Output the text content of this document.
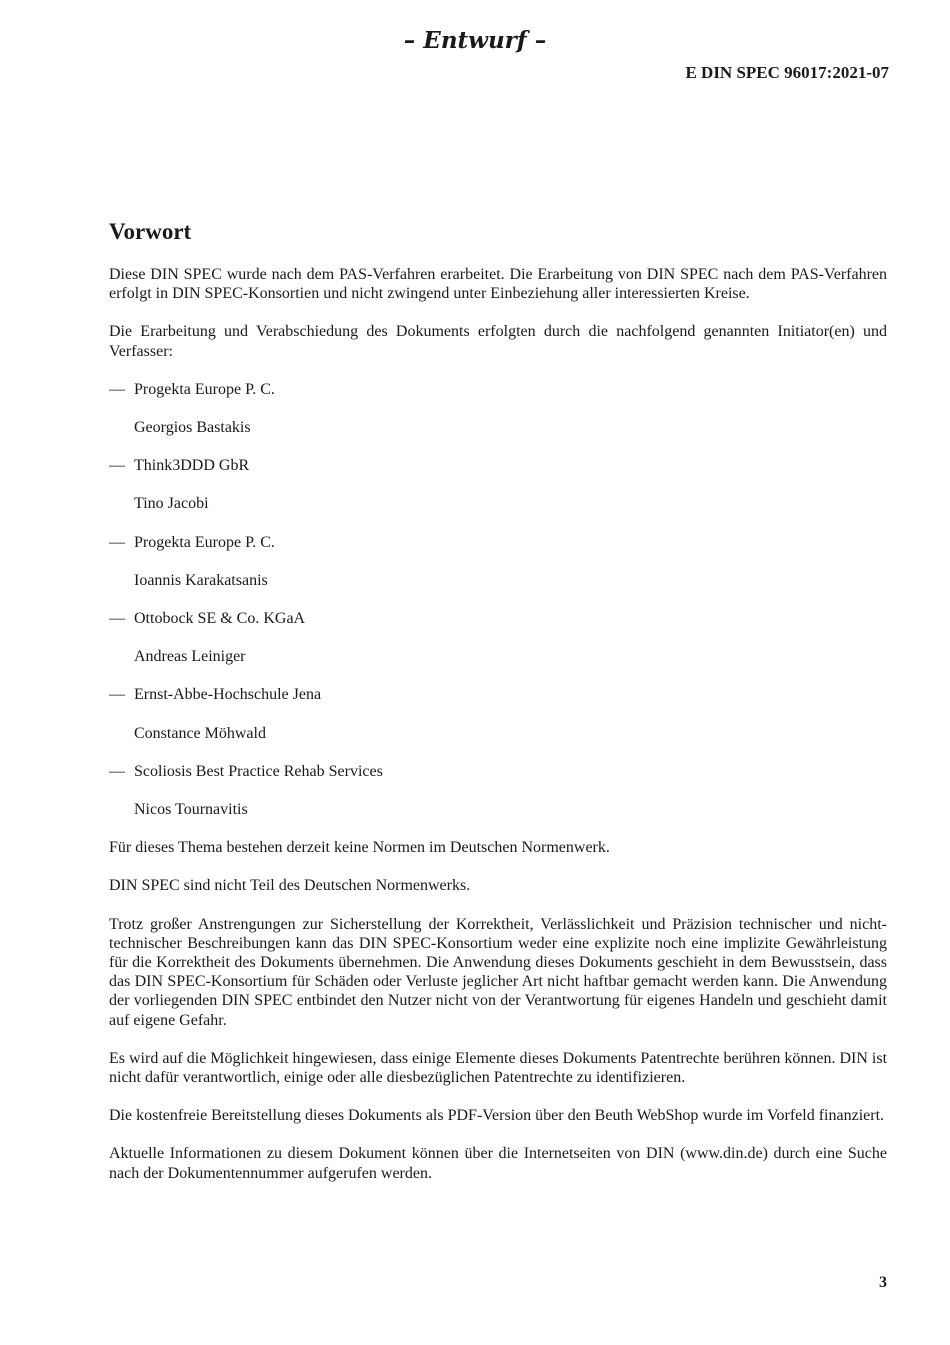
– Entwurf –
E DIN SPEC 96017:2021-07
Vorwort

Diese DIN SPEC wurde nach dem PAS-Verfahren erarbeitet. Die Erarbeitung von DIN SPEC nach dem PAS-Verfahren erfolgt in DIN SPEC-Konsortien und nicht zwingend unter Einbeziehung aller interessierten Kreise.

Die Erarbeitung und Verabschiedung des Dokuments erfolgten durch die nachfolgend genannten Initiator(en) und Verfasser:

— Progekta Europe P. C.
Georgios Bastakis
— Think3DDD GbR
Tino Jacobi
— Progekta Europe P. C.
Ioannis Karakatsanis
— Ottobock SE & Co. KGaA
Andreas Leiniger
— Ernst-Abbe-Hochschule Jena
Constance Möhwald
— Scoliosis Best Practice Rehab Services
Nicos Tournavitis

Für dieses Thema bestehen derzeit keine Normen im Deutschen Normenwerk.

DIN SPEC sind nicht Teil des Deutschen Normenwerks.

Trotz großer Anstrengungen zur Sicherstellung der Korrektheit, Verlässlichkeit und Präzision technischer und nicht-technischer Beschreibungen kann das DIN SPEC-Konsortium weder eine explizite noch eine implizite Gewährleistung für die Korrektheit des Dokuments übernehmen. Die Anwendung dieses Dokuments geschieht in dem Bewusstsein, dass das DIN SPEC-Konsortium für Schäden oder Verluste jeglicher Art nicht haftbar gemacht werden kann. Die Anwendung der vorliegenden DIN SPEC entbindet den Nutzer nicht von der Verantwortung für eigenes Handeln und geschieht damit auf eigene Gefahr.

Es wird auf die Möglichkeit hingewiesen, dass einige Elemente dieses Dokuments Patentrechte berühren können. DIN ist nicht dafür verantwortlich, einige oder alle diesbezüglichen Patentrechte zu identifizieren.

Die kostenfreie Bereitstellung dieses Dokuments als PDF-Version über den Beuth WebShop wurde im Vorfeld finanziert.

Aktuelle Informationen zu diesem Dokument können über die Internetseiten von DIN (www.din.de) durch eine Suche nach der Dokumentennummer aufgerufen werden.

3
